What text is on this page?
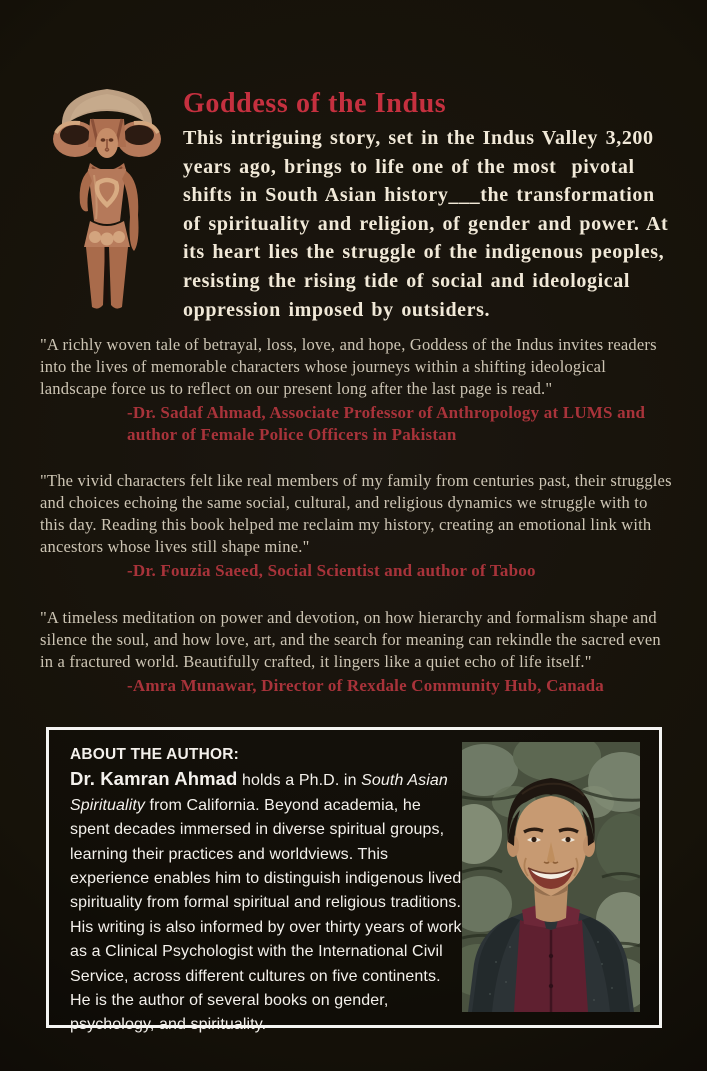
Goddess of the Indus
This intriguing story, set in the Indus Valley 3,200 years ago, brings to life one of the most  pivotal shifts in South Asian history___the transformation of spirituality and religion, of gender and power. At its heart lies the struggle of the indigenous peoples, resisting the rising tide of social and ideological oppression imposed by outsiders.
"A richly woven tale of betrayal, loss, love, and hope, Goddess of the Indus invites readers into the lives of memorable characters whose journeys within a shifting ideological landscape force us to reflect on our present long after the last page is read."
-Dr. Sadaf Ahmad, Associate Professor of Anthropology at LUMS and author of Female Police Officers in Pakistan
"The vivid characters felt like real members of my family from centuries past, their struggles and choices echoing the same social, cultural, and religious dynamics we struggle with to this day. Reading this book helped me reclaim my history, creating an emotional link with ancestors whose lives still shape mine."
-Dr. Fouzia Saeed, Social Scientist and author of Taboo
"A timeless meditation on power and devotion, on how hierarchy and formalism shape and silence the soul, and how love, art, and the search for meaning can rekindle the sacred even in a fractured world. Beautifully crafted, it lingers like a quiet echo of life itself."
-Amra Munawar, Director of Rexdale Community Hub, Canada
ABOUT THE AUTHOR:
Dr. Kamran Ahmad holds a Ph.D. in South Asian Spirituality from California. Beyond academia, he spent decades immersed in diverse spiritual groups, learning their practices and worldviews. This experience enables him to distinguish indigenous lived spirituality from formal spiritual and religious traditions. His writing is also informed by over thirty years of work as a Clinical Psychologist with the International Civil Service, across different cultures on five continents. He is the author of several books on gender, psychology, and spirituality.
